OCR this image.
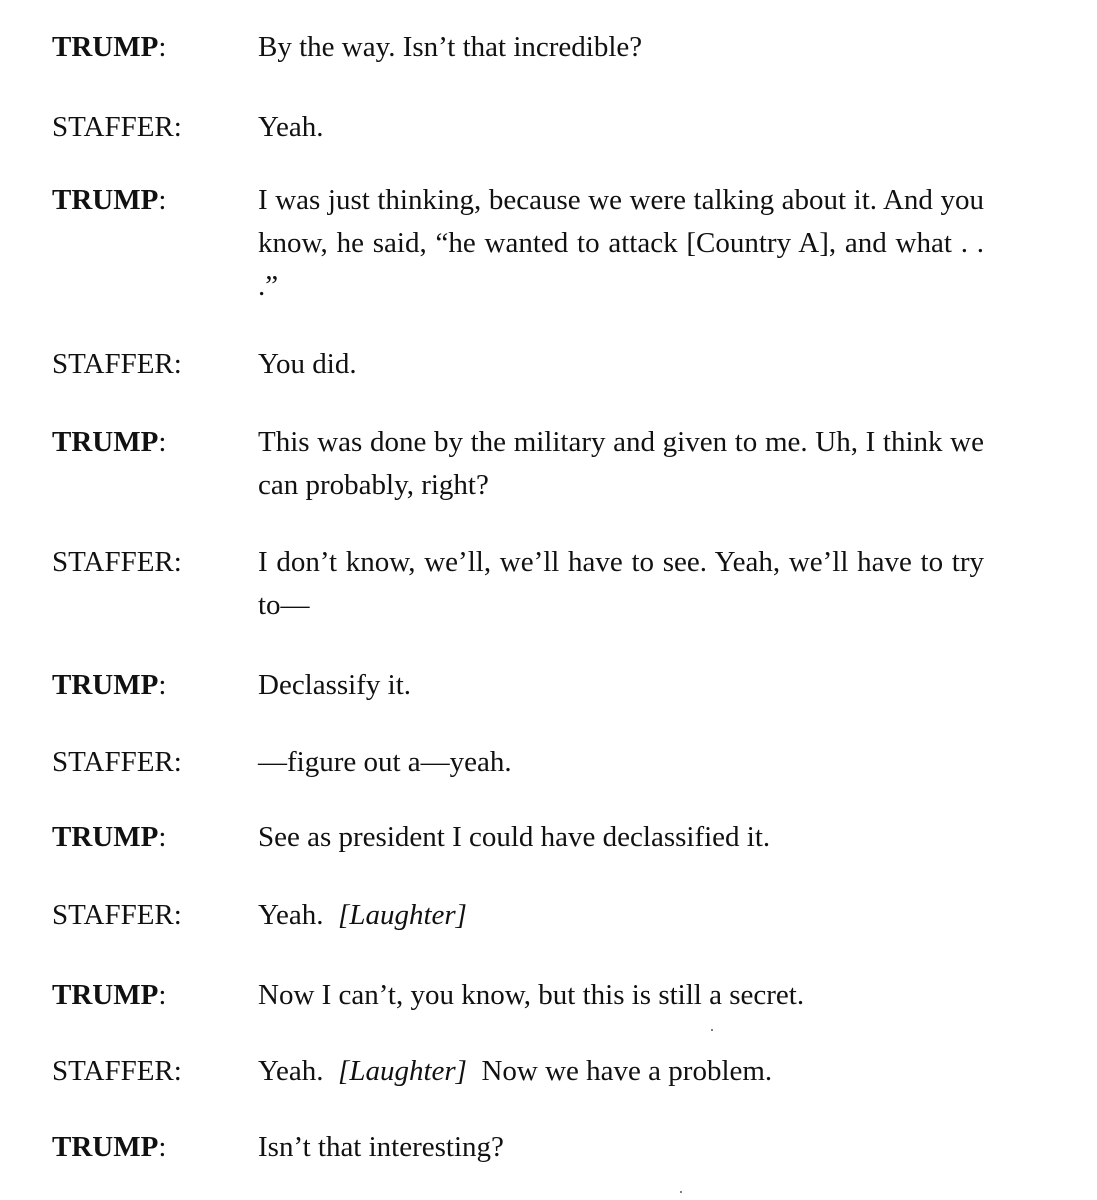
TRUMP:	By the way. Isn’t that incredible?
STAFFER:	Yeah.
TRUMP:	I was just thinking, because we were talking about it. And you know, he said, “he wanted to attack [Country A], and what . . .”
STAFFER:	You did.
TRUMP:	This was done by the military and given to me. Uh, I think we can probably, right?
STAFFER:	I don’t know, we’ll, we’ll have to see. Yeah, we’ll have to try to—
TRUMP:	Declassify it.
STAFFER:	—figure out a—yeah.
TRUMP:	See as president I could have declassified it.
STAFFER:	Yeah.  [Laughter]
TRUMP:	Now I can’t, you know, but this is still a secret.
STAFFER:	Yeah.  [Laughter]  Now we have a problem.
TRUMP:	Isn’t that interesting?
